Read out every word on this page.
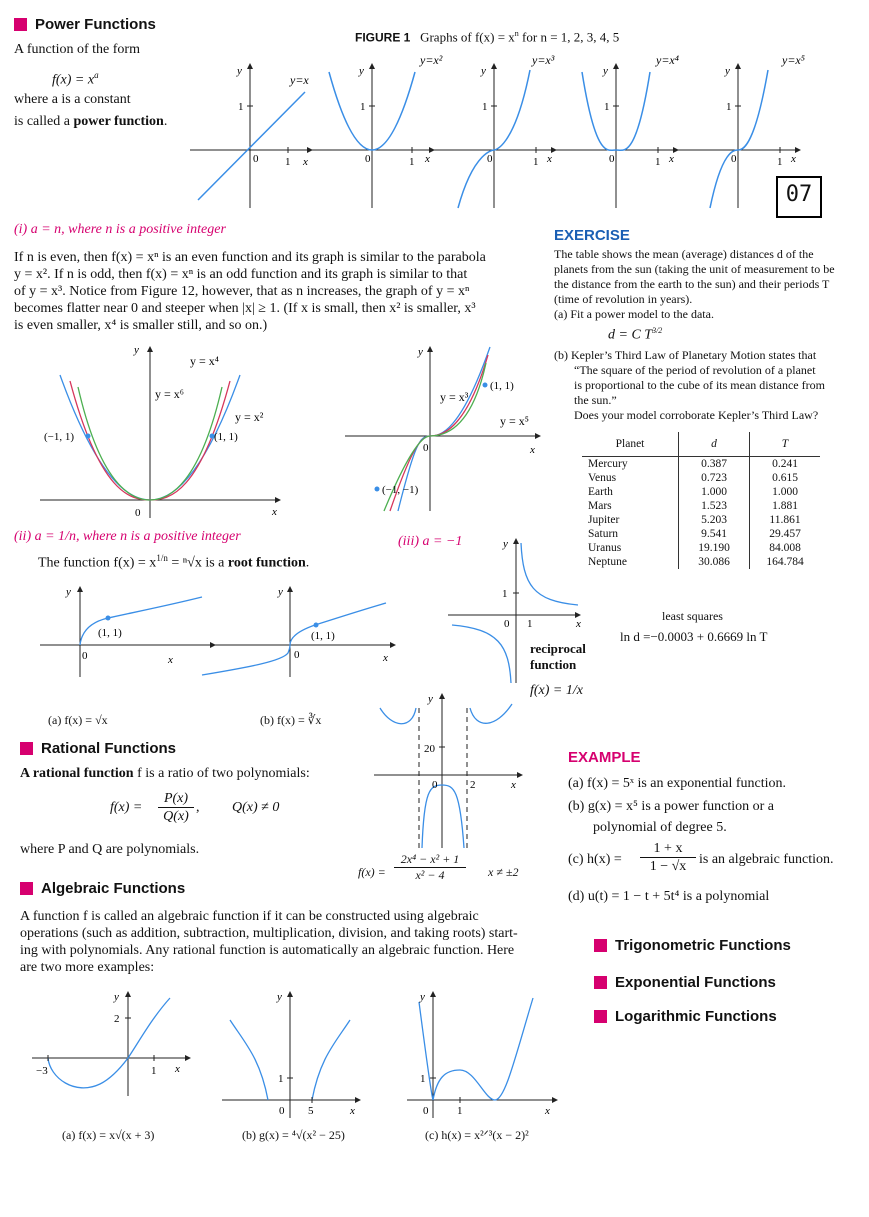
Power Functions
A function of the form
$f(x) = x^a$
where a is a constant
is called a power function.
FIGURE 1 Graphs of $f(x) = x^n$ for n = 1, 2, 3, 4, 5
y
y=x
1
0 1 x
y
y=x²
1
0	1 x
y
y=x³
1
0	1 x
y
y=x⁴
1
0	1 x
y
y=x⁵
1
0	1 x
07
(i) a = n, where n is a positive integer
If n is even, then f(x) = xⁿ is an even function and its graph is similar to the parabola
y = x². If n is odd, then f(x) = xⁿ is an odd function and its graph is similar to that
of y = x³. Notice from Figure 12, however, that as n increases, the graph of y = xⁿ
becomes flatter near 0 and steeper when |x| ≥ 1. (If x is small, then x² is smaller, x³
is even smaller, x⁴ is smaller still, and so on.)
y = x⁴
y = x⁶
y = x²
(−1, 1)	(1, 1)
0	x
y
y = x³
y = x⁵
(1, 1)
(−1, −1)
0	x
y
(ii) a = 1/n, where n is a positive integer
The function $f(x) = x^{1/n} = ^n√x$ is a root function.
(1, 1)
0	x
y
(a) f(x) = √x
(1, 1)
0	x
y
(b) f(x) = ∛x
(iii) a = −1
1
0 1	x
y
reciprocal
function
f(x) = 1/x
Rational Functions
A rational function f is a ratio of two polynomials:
f(x) =
P(x)
Q(x)
, Q(x) ≠ 0
where P and Q are polynomials.
20
0	2	x
y
f(x) =
2x⁴ − x² + 1
x² − 4	x ≠ ±2
Algebraic Functions
A function f is called an algebraic function if it can be constructed using algebraic
operations (such as addition, subtraction, multiplication, division, and taking roots) start-
ing with polynomials. Any rational function is automatically an algebraic function. Here
are two more examples:
2
−3	1 x
y
(a) f(x) = x√(x + 3)
1
0 5	x
y
(b) g(x) = ⁴√(x² − 25)
1
0	1	x
y
(c) h(x) = x²ᐟ³(x − 2)²
EXERCISE
The table shows the mean (average) distances d of the
planets from the sun (taking the unit of measurement to be
the distance from the earth to the sun) and their periods T
(time of revolution in years).
(a) Fit a power model to the data.
d = C $T^{3/2}$
(b) Kepler’s Third Law of Planetary Motion states that
“The square of the period of revolution of a planet
is proportional to the cube of its mean distance from
the sun.”
Does your model corroborate Kepler’s Third Law?
Planet	d	T
Mercury	0.387	0.241
Venus	0.723	0.615
Earth	1.000	1.000
Mars	1.523	1.881
Jupiter	5.203	11.861
Saturn	9.541	29.457
Uranus	19.190	84.008
Neptune	30.086	164.784
least squares
ln d =−0.0003 + 0.6669 ln T
EXAMPLE
(a) f(x) = 5ˣ is an exponential function.
(b) g(x) = x⁵ is a power function or a
polynomial of degree 5.
(c) h(x) =
1 + x
1 − √x is an algebraic function.
(d) u(t) = 1 − t + 5t⁴ is a polynomial
Trigonometric Functions
Exponential Functions
Logarithmic Functions
